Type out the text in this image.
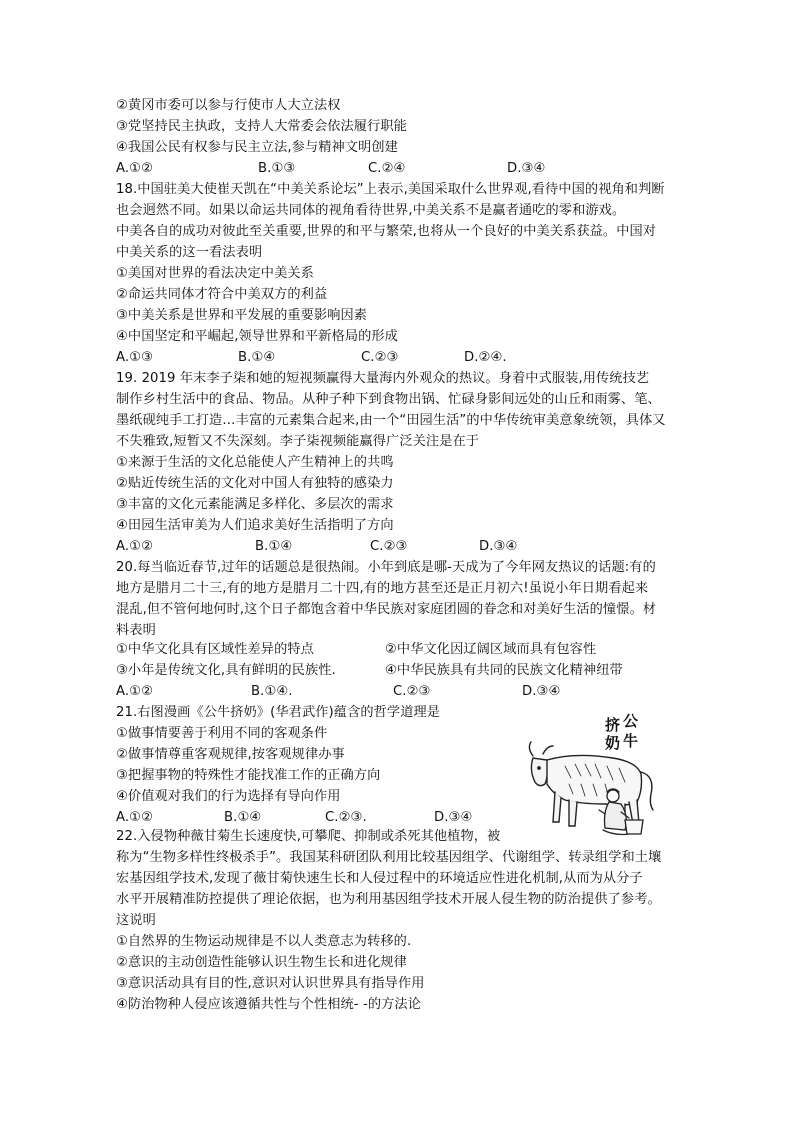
②黄冈市委可以参与行使市人大立法权
③党坚持民主执政，支持人大常委会依法履行职能
④我国公民有权参与民主立法,参与精神文明创建
A.①②	B.①③	C.②④	D.③④
18.中国驻美大使崔天凯在“中美关系论坛”上表示,美国采取什么世界观,看待中国的视角和判断
也会迥然不同。如果以命运共同体的视角看待世界,中美关系不是赢者通吃的零和游戏。
中美各自的成功对彼此至关重要,世界的和平与繁荣,也将从一个良好的中美关系获益。中国对
中美关系的这一看法表明
①美国对世界的看法决定中美关系
②命运共同体才符合中美双方的利益
③中美关系是世界和平发展的重要影响因素
④中国坚定和平崛起,领导世界和平新格局的形成
A.①③	B.①④	C.②③	D.②④.
19. 2019 年末李子柒和她的短视频赢得大量海内外观众的热议。身着中式服装,用传统技艺
制作乡村生活中的食品、物品。从种子种下到食物出锅、忙碌身影间远处的山丘和雨雾、笔、
墨纸砚纯手工打造…丰富的元素集合起来,由一个“田园生活”的中华传统审美意象统领，具体又
不失雅致,短暂又不失深刻。李子柒视频能赢得广泛关注是在于
①来源于生活的文化总能使人产生精神上的共鸣
②贴近传统生活的文化对中国人有独特的感染力
③丰富的文化元素能满足多样化、多层次的需求
④田园生活审美为人们追求美好生活指明了方向
A.①②	B.①④	C.②③	D.③④
20.每当临近春节,过年的话题总是很热闹。小年到底是哪-天成为了今年网友热议的话题:有的
地方是腊月二十三,有的地方是腊月二十四,有的地方甚至还是正月初六!虽说小年日期看起来
混乱,但不管何地何时,这个日子都饱含着中华民族对家庭团圆的眷念和对美好生活的憧憬。材
料表明
①中华文化具有区域性差异的特点	②中华文化因辽阔区域而具有包容性
③小年是传统文化,具有鲜明的民族性.	④中华民族具有共同的民族文化精神纽带
A.①②	B.①④.	C.②③	D.③④
21.右图漫画《公牛挤奶》(华君武作)蕴含的哲学道理是
①做事情要善于利用不同的客观条件
②做事情尊重客观规律,按客观规律办事
③把握事物的特殊性才能找准工作的正确方向
④价值观对我们的行为选择有导向作用
A.①②	B.①④	C.②③.	D.③④
挤 公
奶 牛
22.入侵物种薇甘菊生长速度快,可攀爬、抑制或杀死其他植物，被
称为“生物多样性终极杀手”。我国某科研团队利用比较基因组学、代谢组学、转录组学和土壤
宏基因组学技术,发现了薇甘菊快速生长和人侵过程中的环境适应性进化机制,从而为从分子
水平开展精准防控提供了理论依据，也为利用基因组学技术开展人侵生物的防治提供了参考。
这说明
①自然界的生物运动规律是不以人类意志为转移的.
②意识的主动创造性能够认识生物生长和进化规律
③意识活动具有目的性,意识对认识世界具有指导作用
④防治物种人侵应该遵循共性与个性相统- -的方法论
